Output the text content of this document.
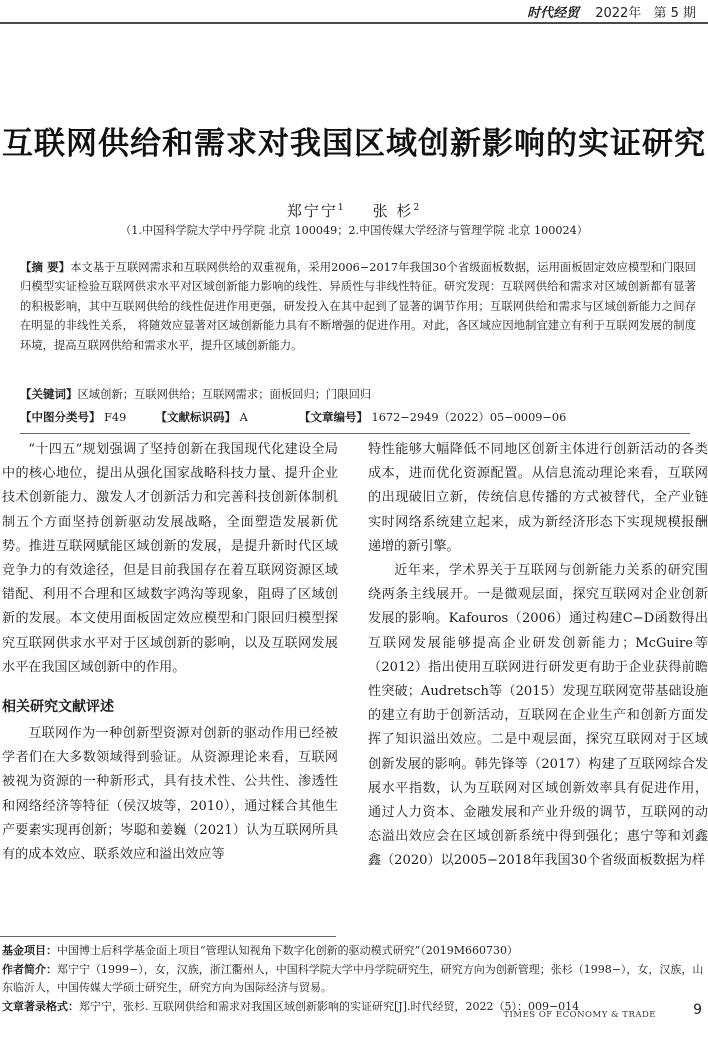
时代经贸 2022年 第 5 期
互联网供给和需求对我国区域创新影响的实证研究
郑宁宁$^1$ 张 杉$^2$
（1.中国科学院大学中丹学院 北京 100049；2.中国传媒大学经济与管理学院 北京 100024）
【摘 要】本文基于互联网需求和互联网供给的双重视角，采用2006−2017年我国30个省级面板数据，运用面板固定效应模型和门限回归模型实证检验互联网供求水平对区域创新能力影响的线性、异质性与非线性特征。研究发现：互联网供给和需求对区域创新都有显著的积极影响，其中互联网供给的线性促进作用更强，研发投入在其中起到了显著的调节作用；互联网供给和需求与区域创新能力之间存在明显的非线性关系， 将随效应显著对区域创新能力具有不断增强的促进作用。对此，各区域应因地制宜建立有利于互联网发展的制度环境，提高互联网供给和需求水平，提升区域创新能力。
【关键词】区域创新；互联网供给；互联网需求；面板回归；门限回归
【中图分类号】 F49	【文献标识码】 A	【文章编号】 1672−2949（2022）05−0009−06

“十四五”规划强调了坚持创新在我国现代化建设全局中的核心地位，提出从强化国家战略科技力量、提升企业技术创新能力、激发人才创新活力和完善科技创新体制机制五个方面坚持创新驱动发展战略，全面塑造发展新优势。推进互联网赋能区域创新的发展，是提升新时代区域竞争力的有效途径，但是目前我国存在着互联网资源区域错配、利用不合理和区域数字鸿沟等现象，阻碍了区域创新的发展。本文使用面板固定效应模型和门限回归模型探究互联网供求水平对于区域创新的影响，以及互联网发展水平在我国区域创新中的作用。

相关研究文献评述

互联网作为一种创新型资源对创新的驱动作用已经被学者们在大多数领域得到验证。从资源理论来看，互联网被视为资源的一种新形式，具有技术性、公共性、渗透性和网络经济等特征（侯汉坡等，2010），通过糅合其他生产要素实现再创新；岑聪和姜巍（2021）认为互联网所具有的成本效应、联系效应和溢出效应等

特性能够大幅降低不同地区创新主体进行创新活动的各类成本，进而优化资源配置。从信息流动理论来看，互联网的出现破旧立新，传统信息传播的方式被替代，全产业链实时网络系统建立起来，成为新经济形态下实现规模报酬递增的新引擎。

近年来，学术界关于互联网与创新能力关系的研究围绕两条主线展开。一是微观层面，探究互联网对企业创新发展的影响。Kafouros（2006）通过构建C−D函数得出互联网发展能够提高企业研发创新能力；McGuire等（2012）指出使用互联网进行研发更有助于企业获得前瞻性突破；Audretsch等（2015）发现互联网宽带基础设施的建立有助于创新活动，互联网在企业生产和创新方面发挥了知识溢出效应。二是中观层面，探究互联网对于区域创新发展的影响。韩先锋等（2017）构建了互联网综合发展水平指数，认为互联网对区域创新效率具有促进作用，通过人力资本、金融发展和产业升级的调节，互联网的动态溢出效应会在区域创新系统中得到强化；惠宁等和刘鑫鑫（2020）以2005−2018年我国30个省级面板数据为样

基金项目：中国博士后科学基金面上项目“管理认知视角下数字化创新的驱动模式研究”（2019M660730）
作者简介：郑宁宁（1999−），女，汉族，浙江衢州人，中国科学院大学中丹学院研究生，研究方向为创新管理；张杉（1998−），女，汉族，山东临沂人，中国传媒大学硕士研究生，研究方向为国际经济与贸易。
文章著录格式：郑宁宁，张杉. 互联网供给和需求对我国区域创新影响的实证研究[J].时代经贸，2022（5）：009−014
TIMES OF ECONOMY & TRADE	9
